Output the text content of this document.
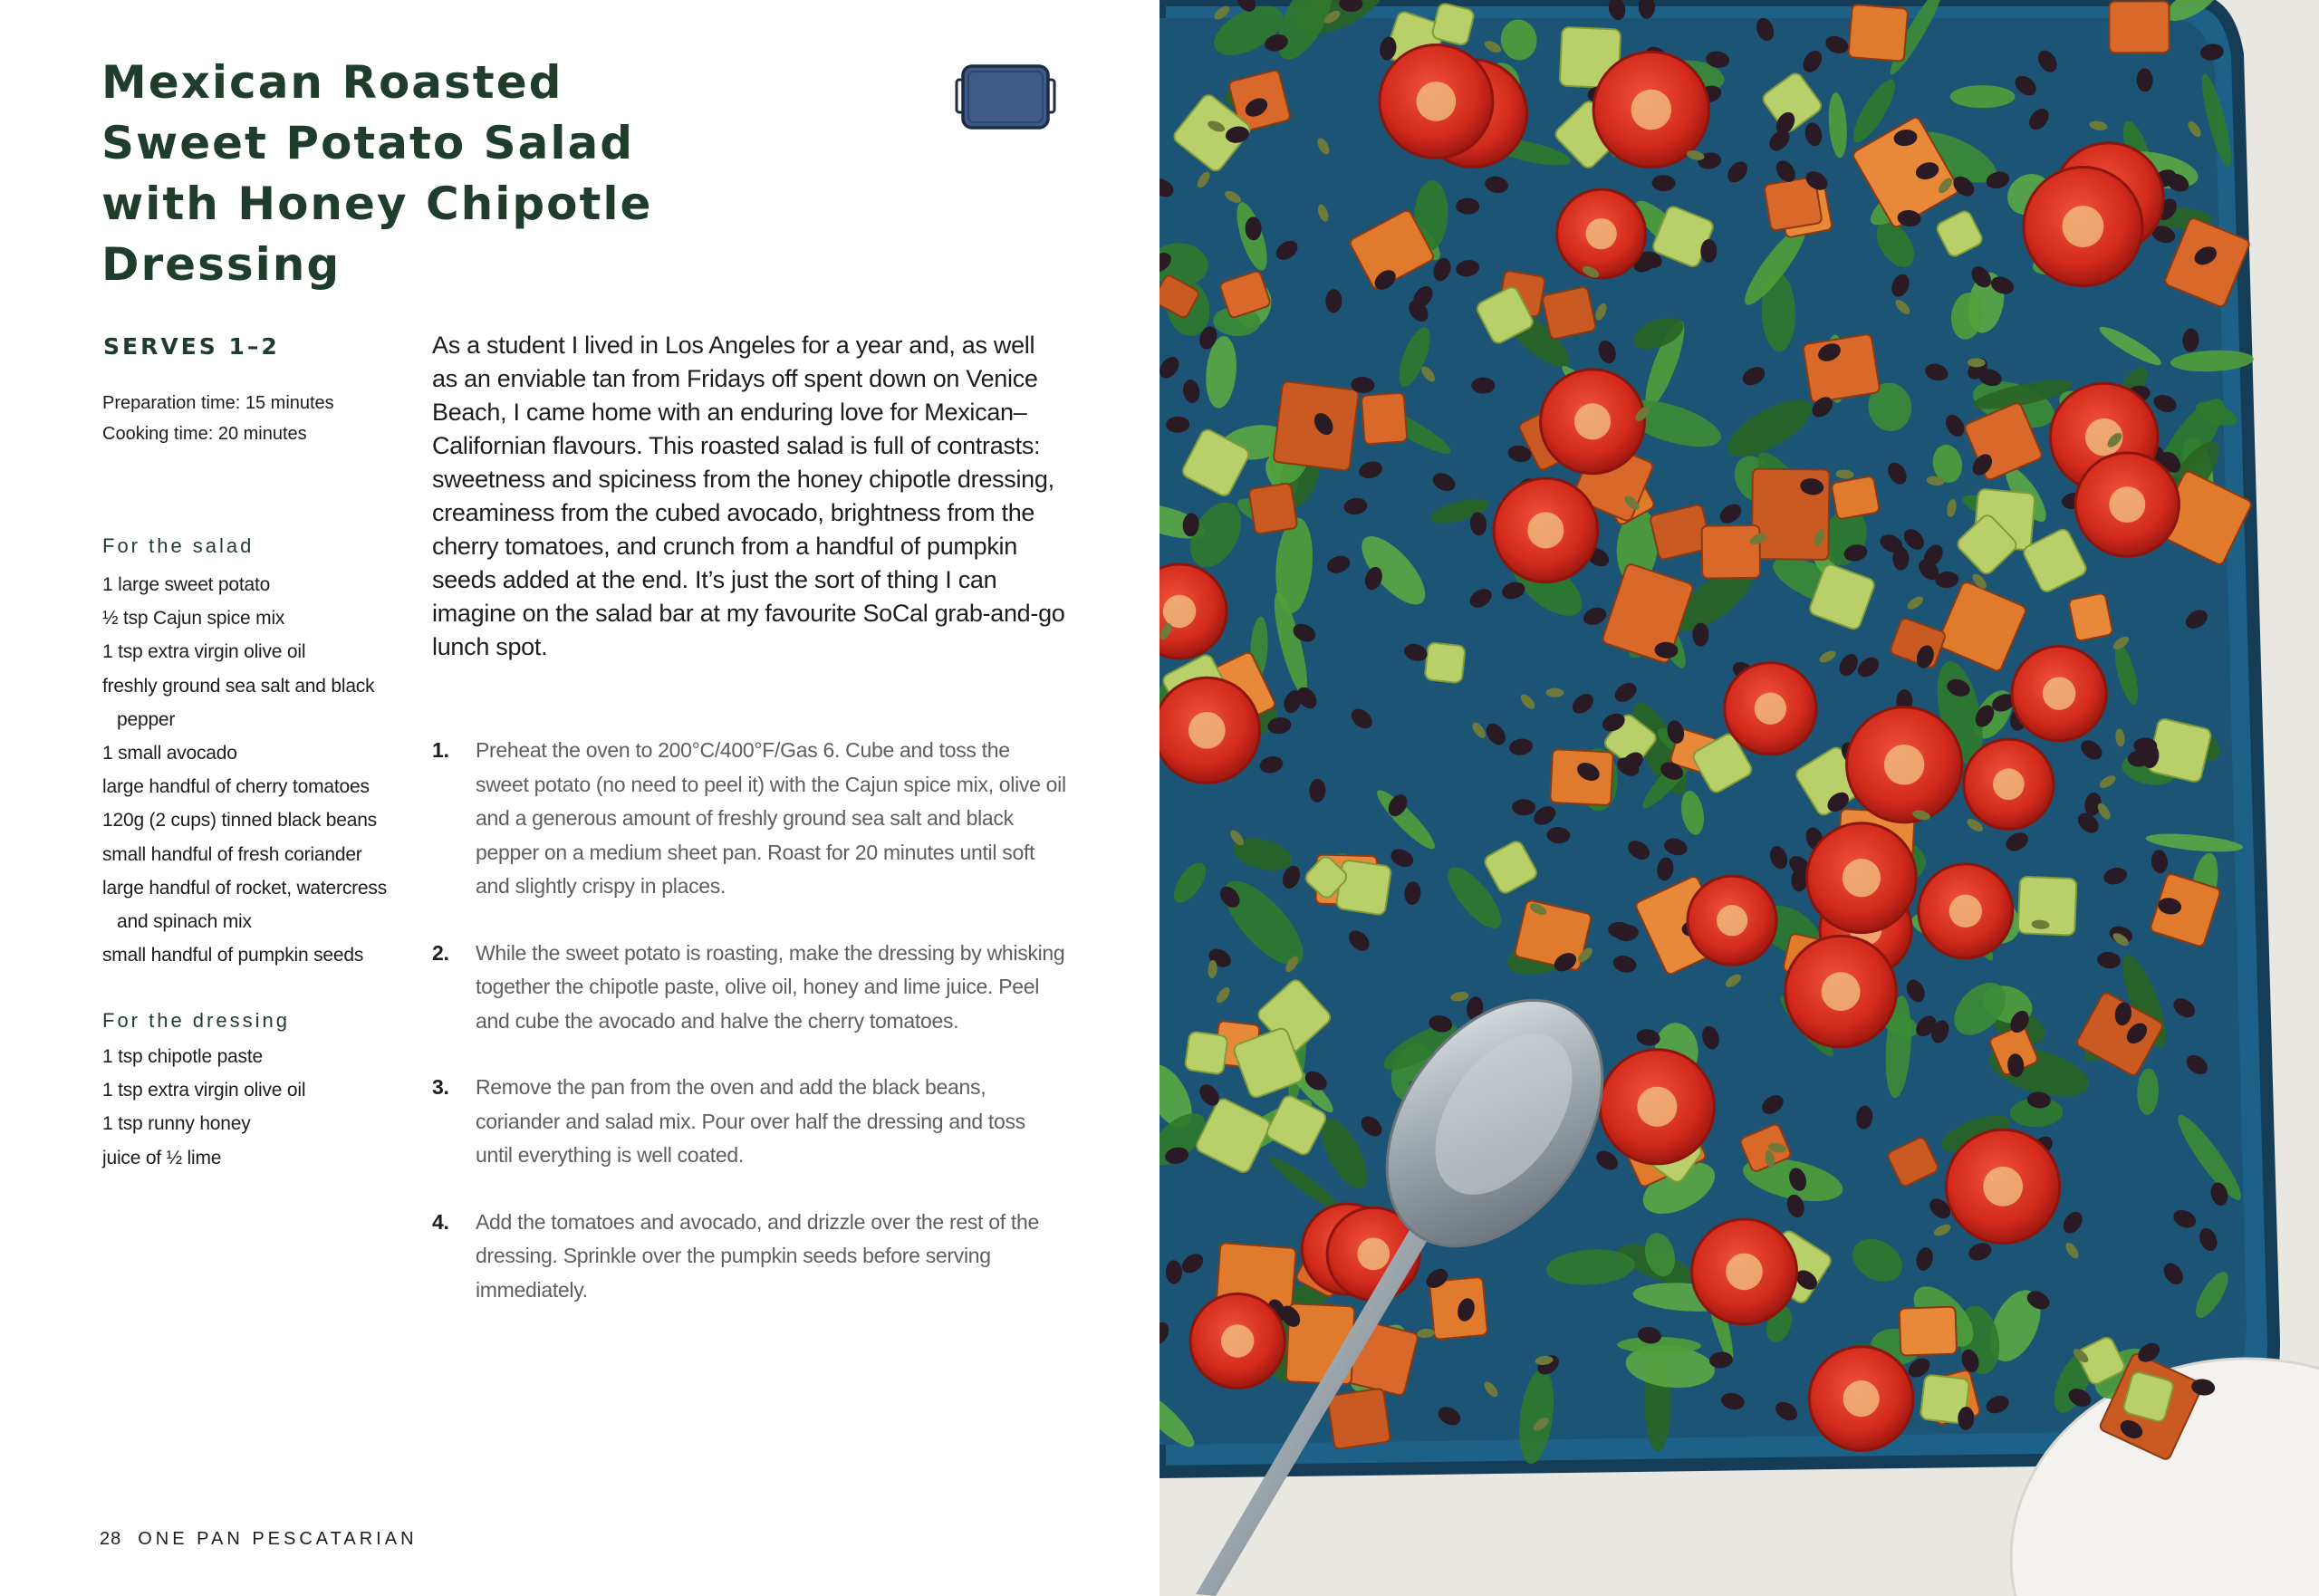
Mexican Roasted Sweet Potato Salad with Honey Chipotle Dressing
SERVES 1–2
Preparation time: 15 minutes
Cooking time: 20 minutes
For the salad
1 large sweet potato
½ tsp Cajun spice mix
1 tsp extra virgin olive oil
freshly ground sea salt and black pepper
1 small avocado
large handful of cherry tomatoes
120g (2 cups) tinned black beans
small handful of fresh coriander
large handful of rocket, watercress and spinach mix
small handful of pumpkin seeds
For the dressing
1 tsp chipotle paste
1 tsp extra virgin olive oil
1 tsp runny honey
juice of ½ lime

As a student I lived in Los Angeles for a year and, as well as an enviable tan from Fridays off spent down on Venice Beach, I came home with an enduring love for Mexican–Californian flavours. This roasted salad is full of contrasts: sweetness and spiciness from the honey chipotle dressing, creaminess from the cubed avocado, brightness from the cherry tomatoes, and crunch from a handful of pumpkin seeds added at the end. It’s just the sort of thing I can imagine on the salad bar at my favourite SoCal grab-and-go lunch spot.

1. Preheat the oven to 200°C/400°F/Gas 6. Cube and toss the sweet potato (no need to peel it) with the Cajun spice mix, olive oil and a generous amount of freshly ground sea salt and black pepper on a medium sheet pan. Roast for 20 minutes until soft and slightly crispy in places.
2. While the sweet potato is roasting, make the dressing by whisking together the chipotle paste, olive oil, honey and lime juice. Peel and cube the avocado and halve the cherry tomatoes.
3. Remove the pan from the oven and add the black beans, coriander and salad mix. Pour over half the dressing and toss until everything is well coated.
4. Add the tomatoes and avocado, and drizzle over the rest of the dressing. Sprinkle over the pumpkin seeds before serving immediately.
28 ONE PAN PESCATARIAN
